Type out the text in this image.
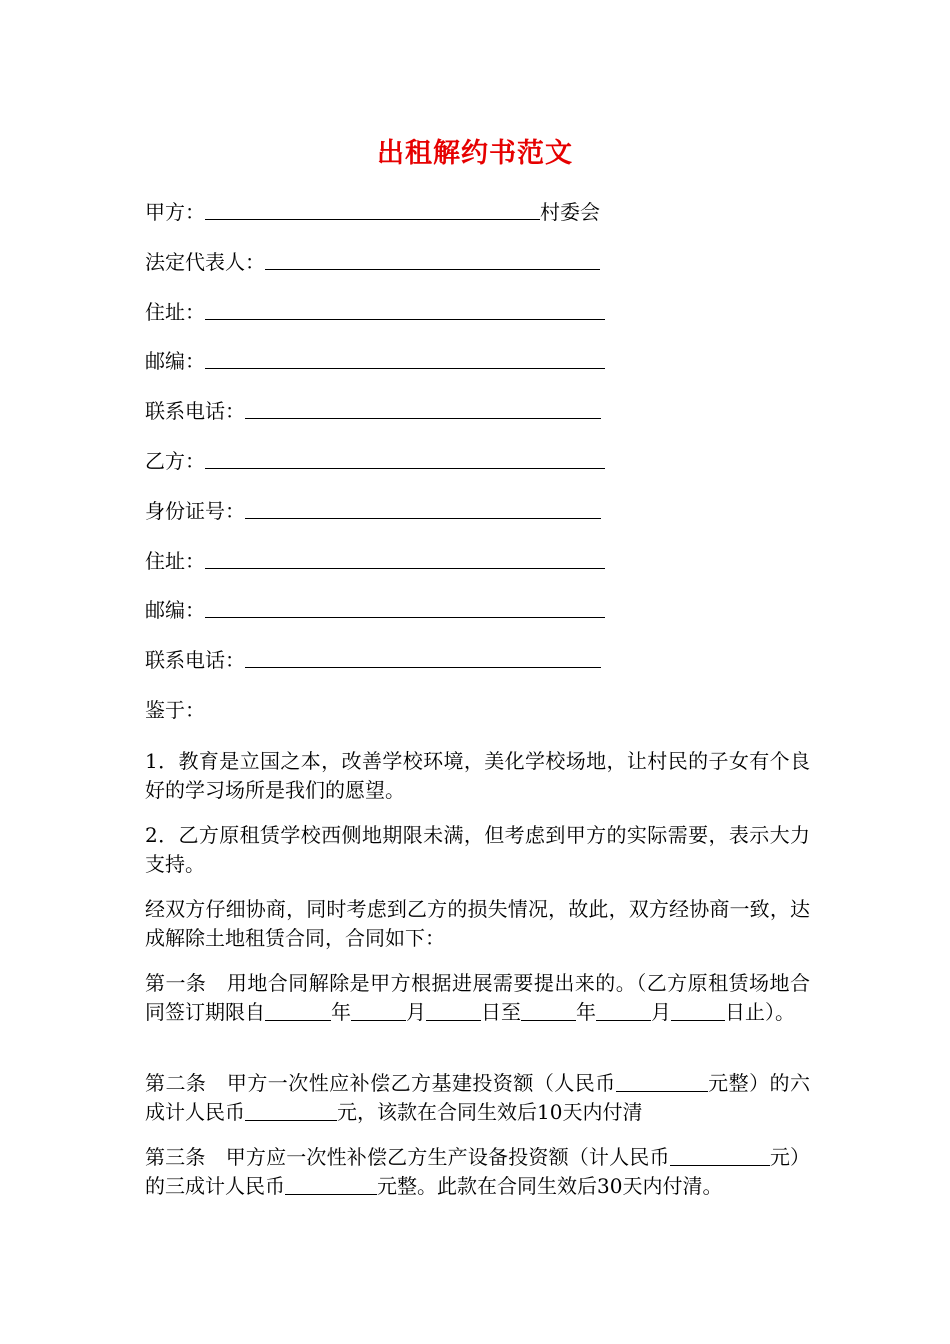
出租解约书范文
甲方：	村委会
法定代表人：
住址：
邮编：
联系电话：
乙方：
身份证号：
住址：
邮编：
联系电话：
鉴于：
1．教育是立国之本，改善学校环境，美化学校场地，让村民的子女有个良好的学习场所是我们的愿望。
2．乙方原租赁学校西侧地期限未满，但考虑到甲方的实际需要，表示大力支持。
经双方仔细协商，同时考虑到乙方的损失情况，故此，双方经协商一致，达成解除土地租赁合同，合同如下：
第一条　用地合同解除是甲方根据进展需要提出来的。（乙方原租赁场地合同签订期限自	年	月	日至	年	月	日止）。
第二条　甲方一次性应补偿乙方基建投资额（人民币	元整）的六成计人民币	元，该款在合同生效后10天内付清
第三条　甲方应一次性补偿乙方生产设备投资额（计人民币	元）的三成计人民币	元整。此款在合同生效后30天内付清。
